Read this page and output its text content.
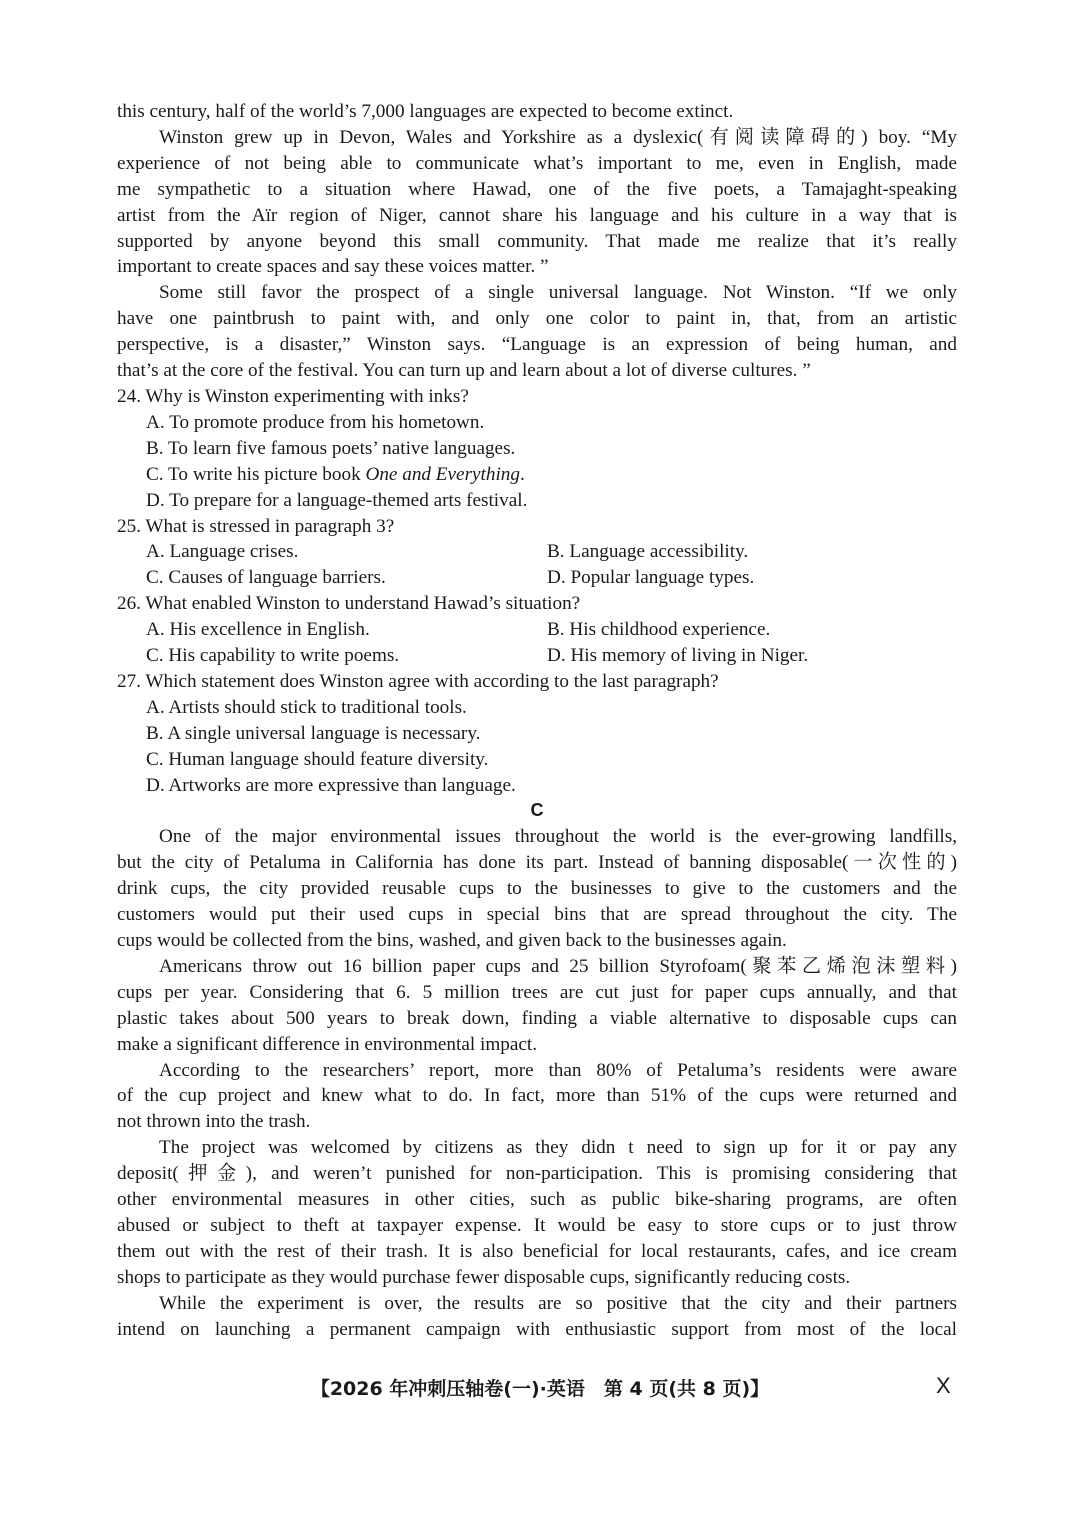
this century, half of the world’s 7,000 languages are expected to become extinct.
Winston grew up in Devon, Wales and Yorkshire as a dyslexic(有阅读障碍的) boy. “My
experience of not being able to communicate what’s important to me, even in English, made
me sympathetic to a situation where Hawad, one of the five poets, a Tamajaght-speaking
artist from the Aïr region of Niger, cannot share his language and his culture in a way that is
supported by anyone beyond this small community. That made me realize that it’s really
important to create spaces and say these voices matter. ”
Some still favor the prospect of a single universal language. Not Winston. “If we only
have one paintbrush to paint with, and only one color to paint in, that, from an artistic
perspective, is a disaster,” Winston says. “Language is an expression of being human, and
that’s at the core of the festival. You can turn up and learn about a lot of diverse cultures. ”
24. Why is Winston experimenting with inks?
A. To promote produce from his hometown.
B. To learn five famous poets’ native languages.
C. To write his picture book One and Everything.
D. To prepare for a language-themed arts festival.
25. What is stressed in paragraph 3?
A. Language crises.	B. Language accessibility.
C. Causes of language barriers.	D. Popular language types.
26. What enabled Winston to understand Hawad’s situation?
A. His excellence in English.	B. His childhood experience.
C. His capability to write poems.	D. His memory of living in Niger.
27. Which statement does Winston agree with according to the last paragraph?
A. Artists should stick to traditional tools.
B. A single universal language is necessary.
C. Human language should feature diversity.
D. Artworks are more expressive than language.
C
One of the major environmental issues throughout the world is the ever-growing landfills,
but the city of Petaluma in California has done its part. Instead of banning disposable(一次性的)
drink cups, the city provided reusable cups to the businesses to give to the customers and the
customers would put their used cups in special bins that are spread throughout the city. The
cups would be collected from the bins, washed, and given back to the businesses again.
Americans throw out 16 billion paper cups and 25 billion Styrofoam(聚苯乙烯泡沫塑料)
cups per year. Considering that 6. 5 million trees are cut just for paper cups annually, and that
plastic takes about 500 years to break down, finding a viable alternative to disposable cups can
make a significant difference in environmental impact.
According to the researchers’ report, more than 80% of Petaluma’s residents were aware
of the cup project and knew what to do. In fact, more than 51% of the cups were returned and
not thrown into the trash.
The project was welcomed by citizens as they didn t need to sign up for it or pay any
deposit(押金), and weren’t punished for non-participation. This is promising considering that
other environmental measures in other cities, such as public bike-sharing programs, are often
abused or subject to theft at taxpayer expense. It would be easy to store cups or to just throw
them out with the rest of their trash. It is also beneficial for local restaurants, cafes, and ice cream
shops to participate as they would purchase fewer disposable cups, significantly reducing costs.
While the experiment is over, the results are so positive that the city and their partners
intend on launching a permanent campaign with enthusiastic support from most of the local
【2026 年冲刺压轴卷(一)·英语　第 4 页(共 8 页)】	X
